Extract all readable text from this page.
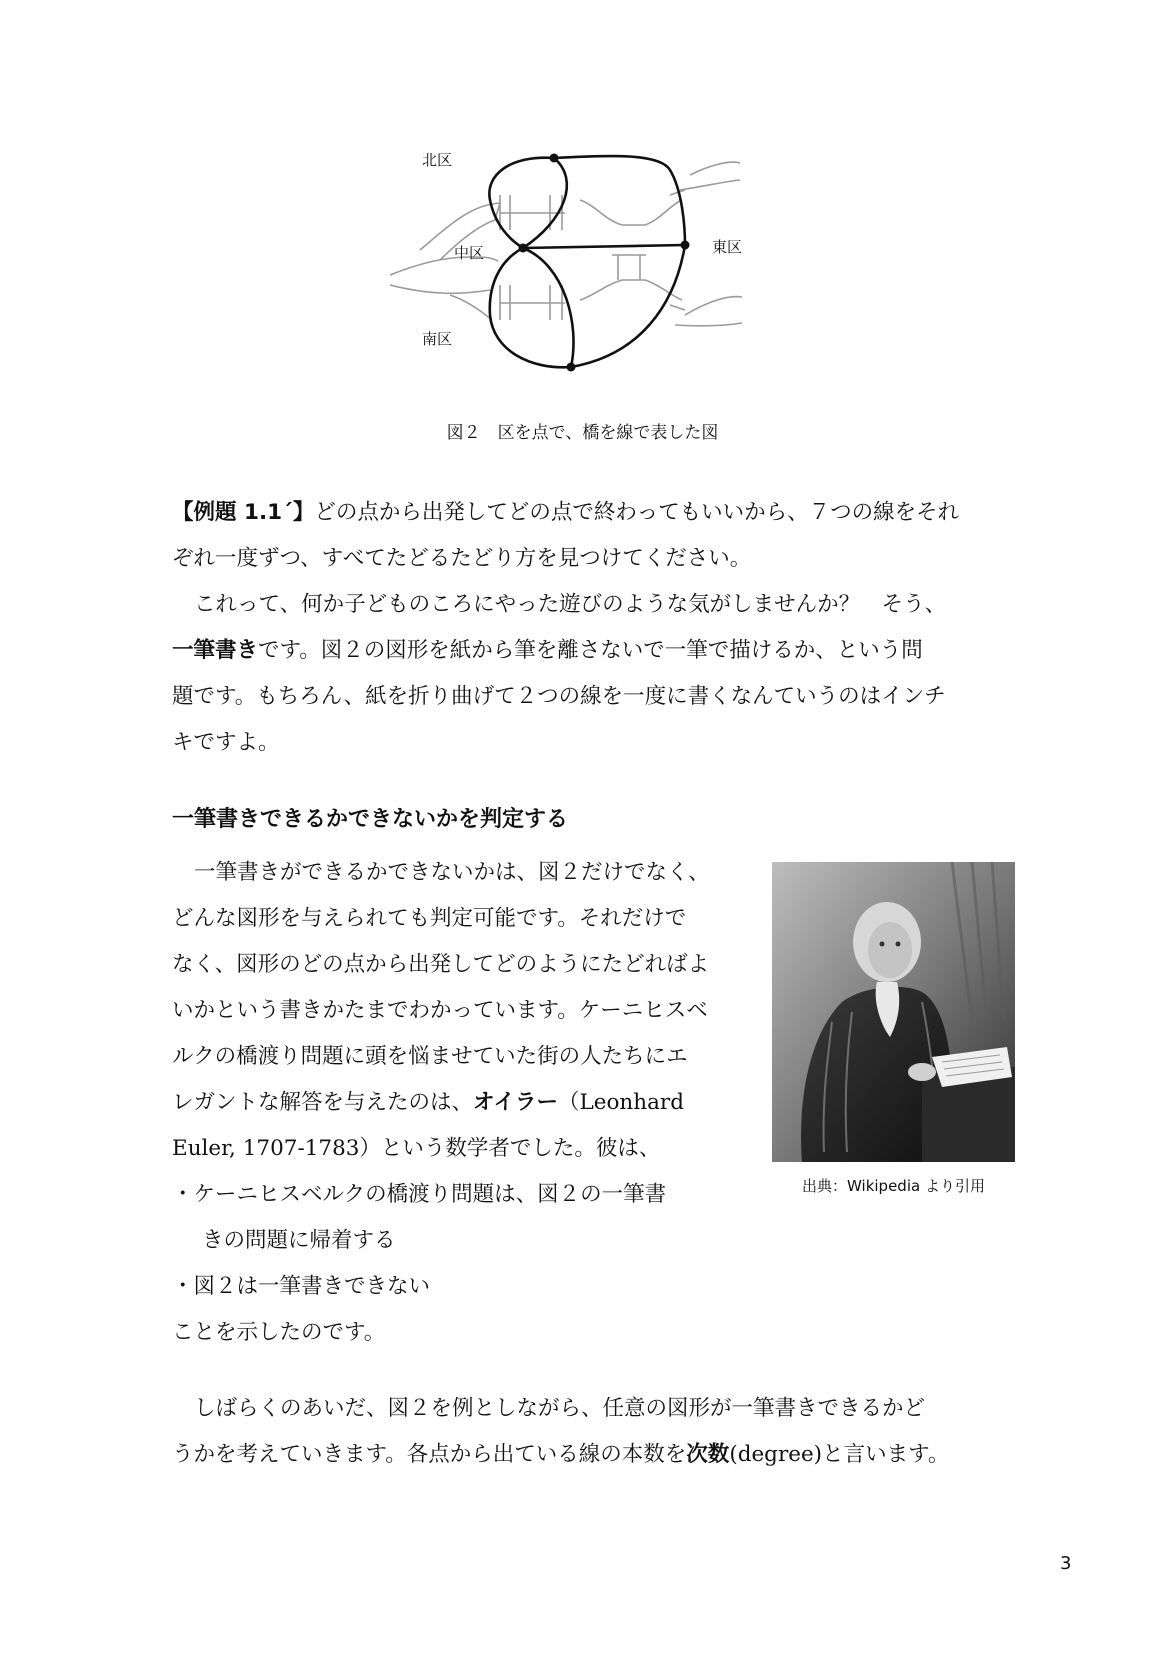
北区
中区	東区
南区
図２　区を点で、橋を線で表した図

【例題 1.1´】どの点から出発してどの点で終わってもいいから、７つの線をそれ
ぞれ一度ずつ、すべてたどるたどり方を見つけてください。

これって、何か子どものころにやった遊びのような気がしませんか？　そう、
一筆書きです。図２の図形を紙から筆を離さないで一筆で描けるか、という問
題です。もちろん、紙を折り曲げて２つの線を一度に書くなんていうのはインチ
キですよ。

一筆書きできるかできないかを判定する

一筆書きができるかできないかは、図２だけでなく、
どんな図形を与えられても判定可能です。それだけで
なく、図形のどの点から出発してどのようにたどればよ
いかという書きかたまでわかっています。ケーニヒスベ
ルクの橋渡り問題に頭を悩ませていた街の人たちにエ
レガントな解答を与えたのは、オイラー（Leonhard
Euler, 1707-1783）という数学者でした。彼は、
・ケーニヒスベルクの橋渡り問題は、図２の一筆書
きの問題に帰着する
・図２は一筆書きできない
ことを示したのです。

出典：Wikipedia より引用

しばらくのあいだ、図２を例としながら、任意の図形が一筆書きできるかど
うかを考えていきます。各点から出ている線の本数を次数(degree)と言います。

3
